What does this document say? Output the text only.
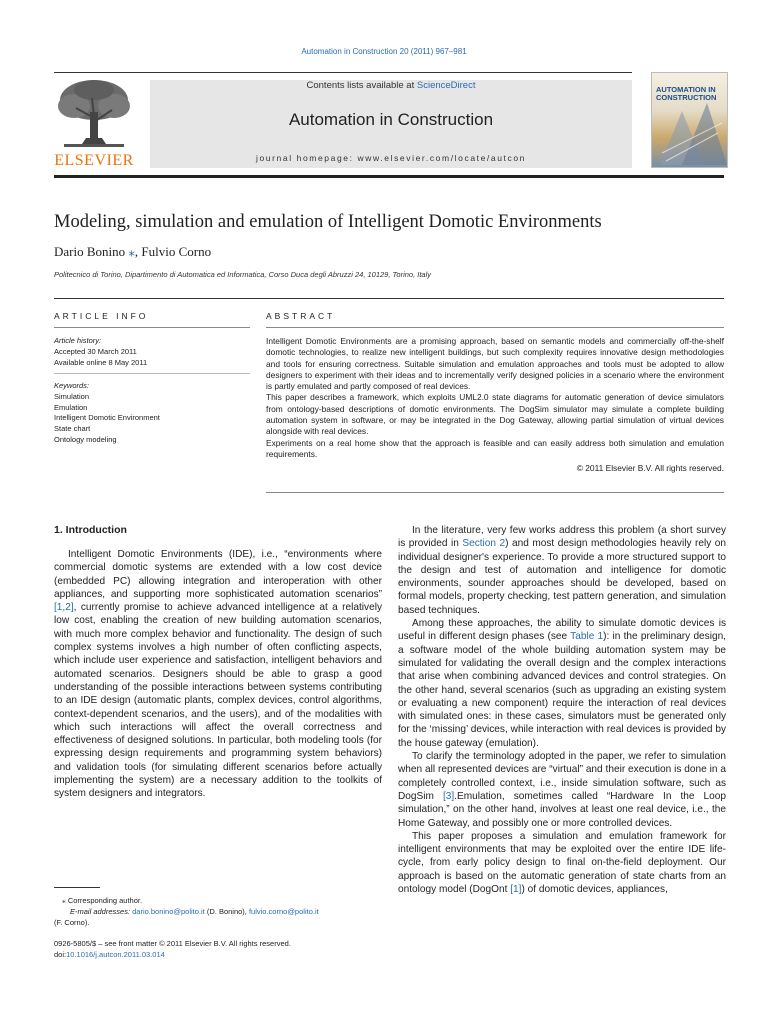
Automation in Construction 20 (2011) 967–981
ELSEVIER
Contents lists available at ScienceDirect
Automation in Construction
journal homepage: www.elsevier.com/locate/autcon
AUTOMATION IN
CONSTRUCTION
Modeling, simulation and emulation of Intelligent Domotic Environments
Dario Bonino ⁎, Fulvio Corno
Politecnico di Torino, Dipartimento di Automatica ed Informatica, Corso Duca degli Abruzzi 24, 10129, Torino, Italy
ARTICLE INFO	ABSTRACT
Article history:
Accepted 30 March 2011
Available online 8 May 2011
Keywords:
Simulation
Emulation
Intelligent Domotic Environment
State chart
Ontology modeling

Intelligent Domotic Environments are a promising approach, based on semantic models and commercially off-the-shelf domotic technologies, to realize new intelligent buildings, but such complexity requires innovative design methodologies and tools for ensuring correctness. Suitable simulation and emulation approaches and tools must be adopted to allow designers to experiment with their ideas and to incrementally verify designed policies in a scenario where the environment is partly emulated and partly composed of real devices.

This paper describes a framework, which exploits UML2.0 state diagrams for automatic generation of device simulators from ontology-based descriptions of domotic environments. The DogSim simulator may simulate a complete building automation system in software, or may be integrated in the Dog Gateway, allowing partial simulation of virtual devices alongside with real devices.

Experiments on a real home show that the approach is feasible and can easily address both simulation and emulation requirements.

© 2011 Elsevier B.V. All rights reserved.

1. Introduction

Intelligent Domotic Environments (IDE), i.e., “environments where commercial domotic systems are extended with a low cost device (embedded PC) allowing integration and interoperation with other appliances, and supporting more sophisticated automation scenarios” [1,2], currently promise to achieve advanced intelligence at a relatively low cost, enabling the creation of new building automation scenarios, with much more complex behavior and functionality. The design of such complex systems involves a high number of often conflicting aspects, which include user experience and satisfaction, intelligent behaviors and automated scenarios. Designers should be able to grasp a good understanding of the possible interactions between systems contributing to an IDE design (automatic plants, complex devices, control algorithms, context-dependent scenarios, and the users), and of the modalities with which such interactions will affect the overall correctness and effectiveness of designed solutions. In particular, both modeling tools (for expressing design requirements and programming system behaviors) and validation tools (for simulating different scenarios before actually implementing the system) are a necessary addition to the toolkits of system designers and integrators.

In the literature, very few works address this problem (a short survey is provided in Section 2) and most design methodologies heavily rely on individual designer's experience. To provide a more structured support to the design and test of automation and intelligence for domotic environments, sounder approaches should be developed, based on formal models, property checking, test pattern generation, and simulation based techniques.

Among these approaches, the ability to simulate domotic devices is useful in different design phases (see Table 1): in the preliminary design, a software model of the whole building automation system may be simulated for validating the overall design and the complex interactions that arise when combining advanced devices and control strategies. On the other hand, several scenarios (such as upgrading an existing system or evaluating a new component) require the interaction of real devices with simulated ones: in these cases, simulators must be generated only for the ‘missing’ devices, while interaction with real devices is provided by the house gateway (emulation).

To clarify the terminology adopted in the paper, we refer to simulation when all represented devices are “virtual” and their execution is done in a completely controlled context, i.e., inside simulation software, such as DogSim [3].Emulation, sometimes called “Hardware In the Loop simulation,” on the other hand, involves at least one real device, i.e., the Home Gateway, and possibly one or more controlled devices.

This paper proposes a simulation and emulation framework for intelligent environments that may be exploited over the entire IDE life-cycle, from early policy design to final on-the-field deployment. Our approach is based on the automatic generation of state charts from an ontology model (DogOnt [1]) of domotic devices, appliances,

⁎ Corresponding author.

E-mail addresses: dario.bonino@polito.it (D. Bonino), fulvio.corno@polito.it

(F. Corno).

0926-5805/$ – see front matter © 2011 Elsevier B.V. All rights reserved.

doi:10.1016/j.autcon.2011.03.014
